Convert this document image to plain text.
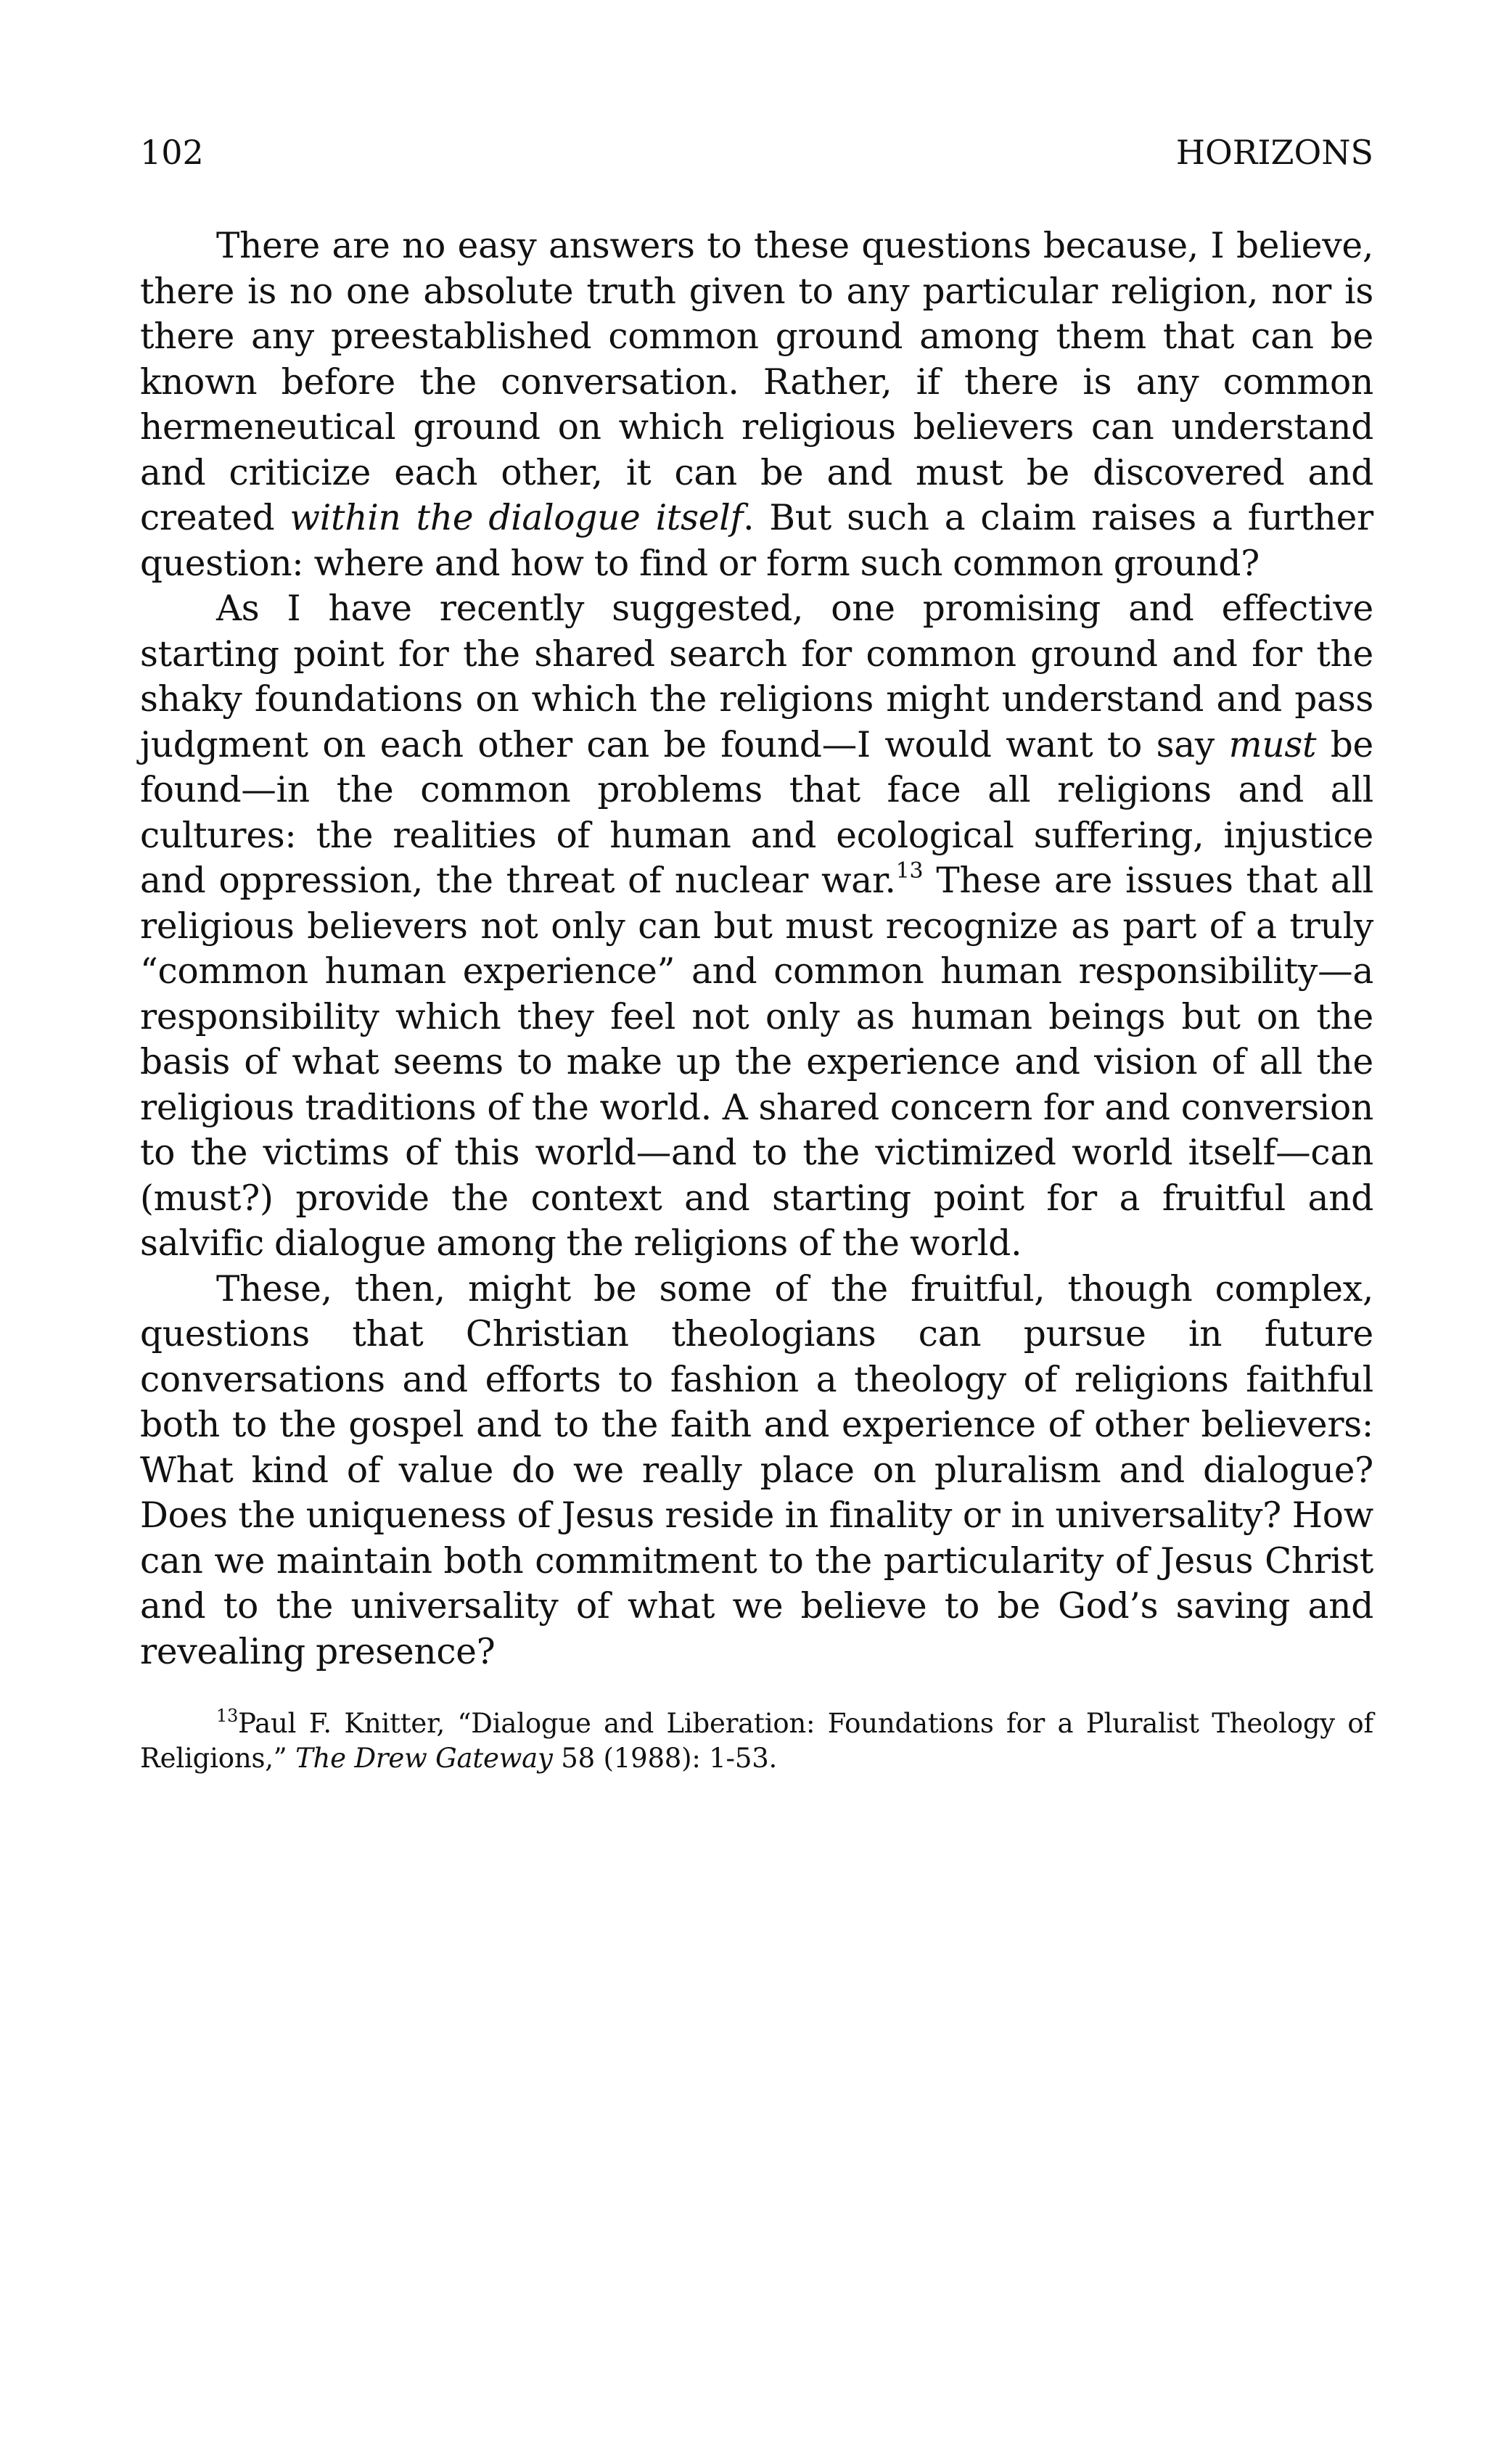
102	HORIZONS

There are no easy answers to these questions because, I believe, there is no one absolute truth given to any particular religion, nor is there any preestablished common ground among them that can be known before the conversation. Rather, if there is any common hermeneutical ground on which religious believers can understand and criticize each other, it can be and must be discovered and created within the dialogue itself. But such a claim raises a further question: where and how to find or form such common ground?

As I have recently suggested, one promising and effective starting point for the shared search for common ground and for the shaky foundations on which the religions might understand and pass judgment on each other can be found—I would want to say must be found—in the common problems that face all religions and all cultures: the realities of human and ecological suffering, injustice and oppression, the threat of nuclear war.$^{13}$ These are issues that all religious believers not only can but must recognize as part of a truly “common human experience” and common human responsibility—a responsibility which they feel not only as human beings but on the basis of what seems to make up the experience and vision of all the religious traditions of the world. A shared concern for and conversion to the victims of this world—and to the victimized world itself—can (must?) provide the context and starting point for a fruitful and salvific dialogue among the religions of the world.

These, then, might be some of the fruitful, though complex, questions that Christian theologians can pursue in future conversations and efforts to fashion a theology of religions faithful both to the gospel and to the faith and experience of other believers: What kind of value do we really place on pluralism and dialogue? Does the uniqueness of Jesus reside in finality or in universality? How can we maintain both commitment to the particularity of Jesus Christ and to the universality of what we believe to be God’s saving and revealing presence?

$^{13}$Paul F. Knitter, “Dialogue and Liberation: Foundations for a Pluralist Theology of Religions,” The Drew Gateway 58 (1988): 1-53.
